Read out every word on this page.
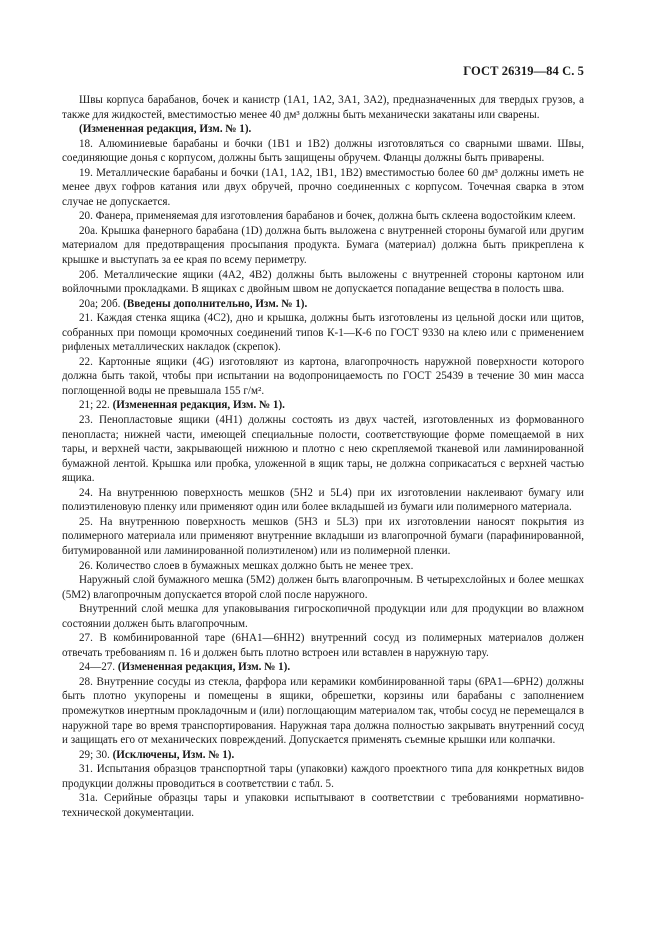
ГОСТ 26319—84 С. 5

Швы корпуса барабанов, бочек и канистр (1А1, 1А2, 3А1, 3А2), предназначенных для твердых грузов, а также для жидкостей, вместимостью менее 40 дм³ должны быть механически закатаны или сварены.

(Измененная редакция, Изм. № 1).

18. Алюминиевые барабаны и бочки (1В1 и 1В2) должны изготовляться со сварными швами. Швы, соединяющие донья с корпусом, должны быть защищены обручем. Фланцы должны быть приварены.

19. Металлические барабаны и бочки (1А1, 1А2, 1В1, 1В2) вместимостью более 60 дм³ должны иметь не менее двух гофров катания или двух обручей, прочно соединенных с корпусом. Точечная сварка в этом случае не допускается.

20. Фанера, применяемая для изготовления барабанов и бочек, должна быть склеена водостойким клеем.

20а. Крышка фанерного барабана (1D) должна быть выложена с внутренней стороны бумагой или другим материалом для предотвращения просыпания продукта. Бумага (материал) должна быть прикреплена к крышке и выступать за ее края по всему периметру.

20б. Металлические ящики (4А2, 4В2) должны быть выложены с внутренней стороны картоном или войлочными прокладками. В ящиках с двойным швом не допускается попадание вещества в полость шва.

20а; 20б. (Введены дополнительно, Изм. № 1).

21. Каждая стенка ящика (4С2), дно и крышка, должны быть изготовлены из цельной доски или щитов, собранных при помощи кромочных соединений типов К-1—К-6 по ГОСТ 9330 на клею или с применением рифленых металлических накладок (скрепок).

22. Картонные ящики (4G) изготовляют из картона, влагопрочность наружной поверхности которого должна быть такой, чтобы при испытании на водопроницаемость по ГОСТ 25439 в течение 30 мин масса поглощенной воды не превышала 155 г/м².

21; 22. (Измененная редакция, Изм. № 1).

23. Пенопластовые ящики (4Н1) должны состоять из двух частей, изготовленных из формованного пенопласта; нижней части, имеющей специальные полости, соответствующие форме помещаемой в них тары, и верхней части, закрывающей нижнюю и плотно с нею скрепляемой тканевой или ламинированной бумажной лентой. Крышка или пробка, уложенной в ящик тары, не должна соприкасаться с верхней частью ящика.

24. На внутреннюю поверхность мешков (5Н2 и 5L4) при их изготовлении наклеивают бумагу или полиэтиленовую пленку или применяют один или более вкладышей из бумаги или полимерного материала.

25. На внутреннюю поверхность мешков (5Н3 и 5L3) при их изготовлении наносят покрытия из полимерного материала или применяют внутренние вкладыши из влагопрочной бумаги (парафинированной, битумированной или ламинированной полиэтиленом) или из полимерной пленки.

26. Количество слоев в бумажных мешках должно быть не менее трех.

Наружный слой бумажного мешка (5М2) должен быть влагопрочным. В четырехслойных и более мешках (5М2) влагопрочным допускается второй слой после наружного.

Внутренний слой мешка для упаковывания гигроскопичной продукции или для продукции во влажном состоянии должен быть влагопрочным.

27. В комбинированной таре (6НА1—6НН2) внутренний сосуд из полимерных материалов должен отвечать требованиям п. 16 и должен быть плотно встроен или вставлен в наружную тару.

24—27. (Измененная редакция, Изм. № 1).

28. Внутренние сосуды из стекла, фарфора или керамики комбинированной тары (6РА1—6РН2) должны быть плотно укупорены и помещены в ящики, обрешетки, корзины или барабаны с заполнением промежутков инертным прокладочным и (или) поглощающим материалом так, чтобы сосуд не перемещался в наружной таре во время транспортирования. Наружная тара должна полностью закрывать внутренний сосуд и защищать его от механических повреждений. Допускается применять съемные крышки или колпачки.

29; 30. (Исключены, Изм. № 1).

31. Испытания образцов транспортной тары (упаковки) каждого проектного типа для конкретных видов продукции должны проводиться в соответствии с табл. 5.

31а. Серийные образцы тары и упаковки испытывают в соответствии с требованиями нормативно-технической документации.
